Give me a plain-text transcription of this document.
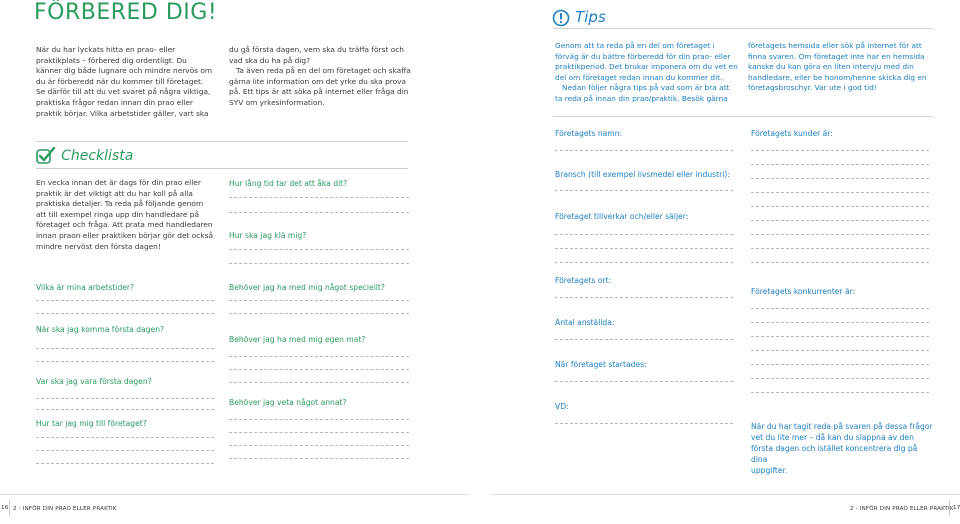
FÖRBERED DIG!
När du har lyckats hitta en prao- eller
praktikplats – förbered dig ordentligt. Du
känner dig både lugnare och mindre nervös om
du är förberedd när du kommer till företaget.
Se därför till att du vet svaret på några viktiga,
praktiska frågor redan innan din prao eller
praktik börjar. Vilka arbetstider gäller, vart ska
du gå första dagen, vem ska du träffa först och
vad ska du ha på dig?
Ta även reda på en del om företaget och skaffa
gärna lite information om det yrke du ska prova
på. Ett tips är att söka på internet eller fråga din
SYV om yrkesinformation.
Checklista
En vecka innan det är dags för din prao eller
praktik är det viktigt att du har koll på alla
praktiska detaljer. Ta reda på följande genom
att till exempel ringa upp din handledare på
företaget och fråga. Att prata med handledaren
innan praon eller praktiken börjar gör det också
mindre nervöst den första dagen!
Hur lång tid tar det att åka dit?
Hur ska jag klä mig?
Vilka är mina arbetstider?
När ska jag komma första dagen?
Var ska jag vara första dagen?
Hur tar jag mig till företaget?
Behöver jag ha med mig något speciellt?
Behöver jag ha med mig egen mat?
Behöver jag veta något annat?
16 2 - INFÖR DIN PRAO ELLER PRAKTIK
Tips
Genom att ta reda på en del om företaget i
förväg är du bättre förberedd för din prao- eller
praktikperiod. Det brukar imponera om du vet en
del om företaget redan innan du kommer dit.
Nedan följer några tips på vad som är bra att
ta reda på innan din prao/praktik. Besök gärna
företagets hemsida eller sök på internet för att
finna svaren. Om företaget inte har en hemsida
kanske du kan göra en liten intervju med din
handledare, eller be honom/henne skicka dig en
företagsbroschyr. Var ute i god tid!
Företagets namn:
Bransch (till exempel livsmedel eller industri):
Företaget tillverkar och/eller säljer:
Företagets ort:
Antal anställda:
När företaget startades:
VD:
Företagets kunder är:
Företagets konkurrenter är:
När du har tagit reda på svaren på dessa frågor
vet du lite mer – då kan du slappna av den
första dagen och istället koncentrera dig på dina
uppgifter.
2 - INFÖR DIN PRAO ELLER PRAKTIK 17
